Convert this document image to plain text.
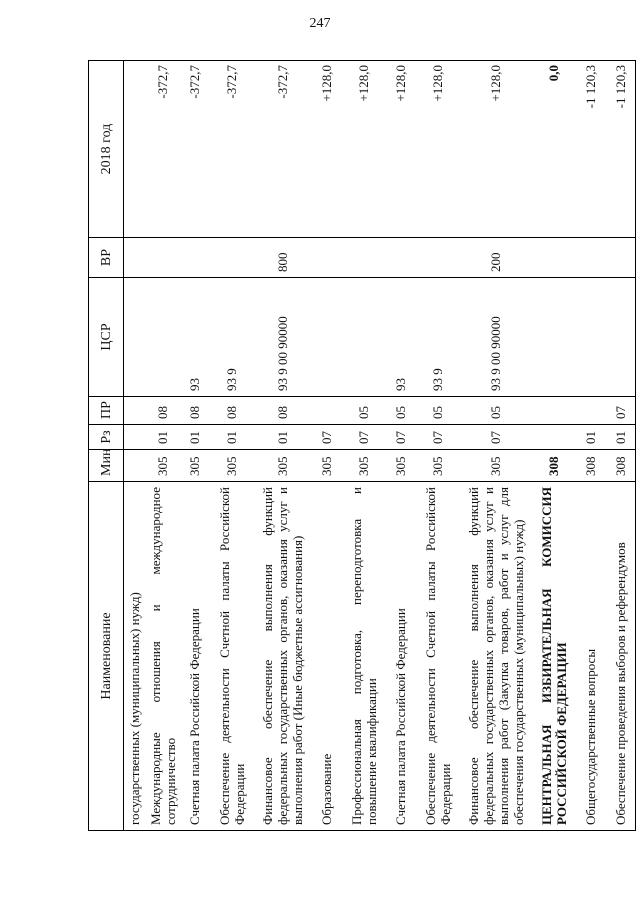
247
Наименование	Мин	Рз	ПР	ЦСР	ВР	2018 год
государственных (муниципальных) нужд)						
Международные отношения и международное сотрудничество	305	01	08			-372,7
Счетная палата Российской Федерации	305	01	08	93		-372,7
Обеспечение деятельности Счетной палаты Российской Федерации	305	01	08	93 9		-372,7
Финансовое обеспечение выполнения функций федеральных государственных органов, оказания услуг и выполнения работ (Иные бюджетные ассигнования)	305	01	08	93 9 00 90000	800	-372,7
Образование	305	07				+128,0
Профессиональная подготовка, переподготовка и повышение квалификации	305	07	05			+128,0
Счетная палата Российской Федерации	305	07	05	93		+128,0
Обеспечение деятельности Счетной палаты Российской Федерации	305	07	05	93 9		+128,0
Финансовое обеспечение выполнения функций федеральных государственных органов, оказания услуг и выполнения работ (Закупка товаров, работ и услуг для обеспечения государственных (муниципальных) нужд)	305	07	05	93 9 00 90000	200	+128,0
ЦЕНТРАЛЬНАЯ ИЗБИРАТЕЛЬНАЯ КОМИССИЯ РОССИЙСКОЙ ФЕДЕРАЦИИ	308					0,0
Общегосударственные вопросы	308	01				-1 120,3
Обеспечение проведения выборов и референдумов	308	01	07			-1 120,3
